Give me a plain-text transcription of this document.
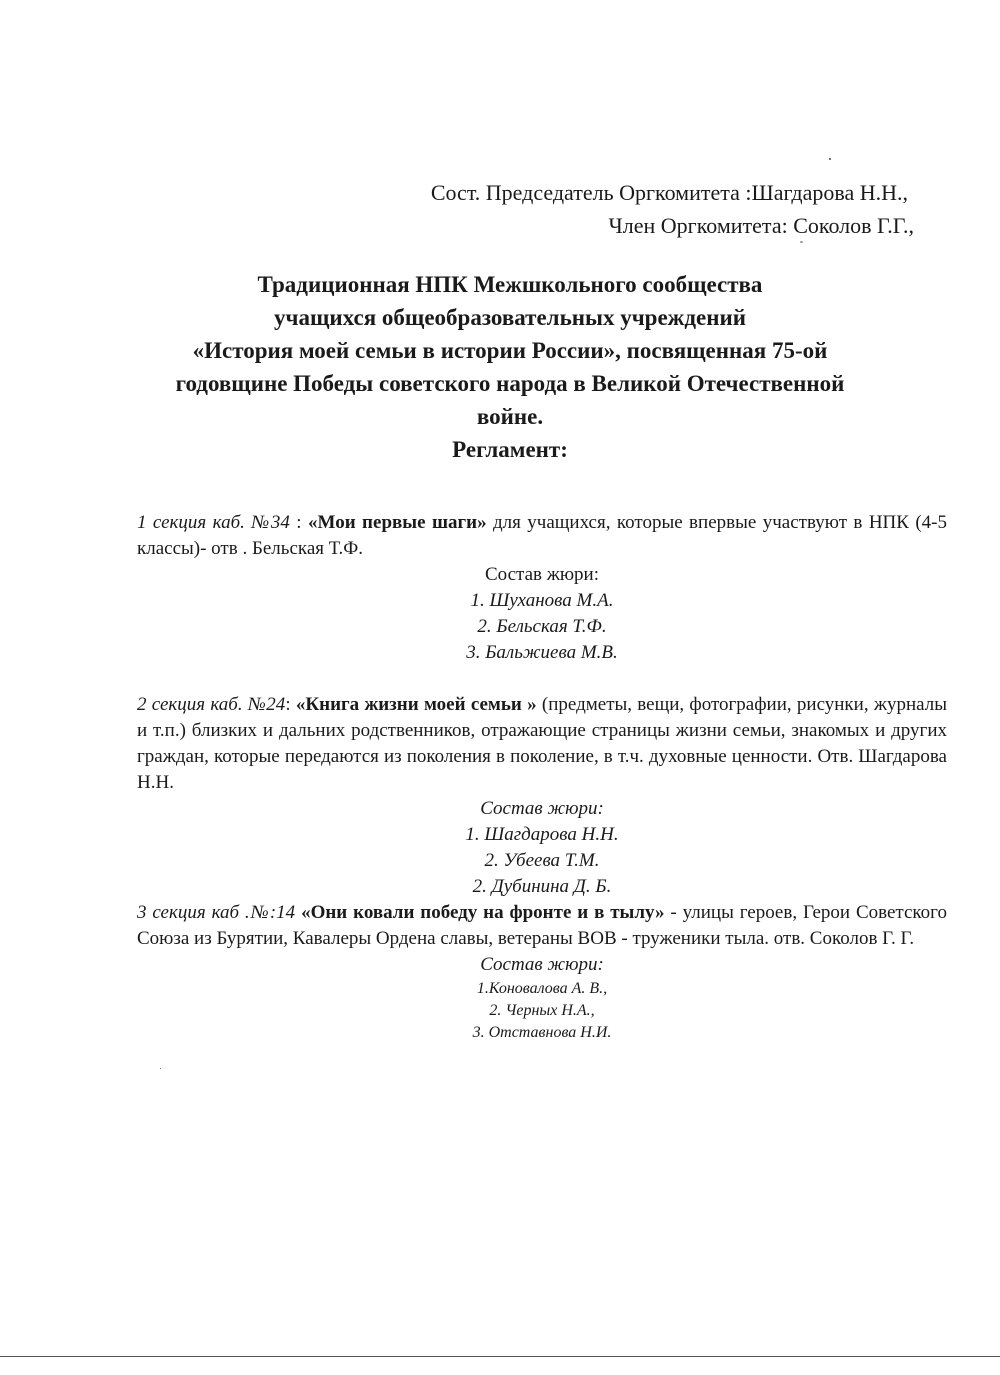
Сост. Председатель Оргкомитета :Шагдарова Н.Н.,
Член Оргкомитета: Соколов Г.Г.,
Традиционная НПК Межшкольного сообщества
учащихся общеобразовательных учреждений
«История моей семьи в истории России», посвященная 75-ой
годовщине Победы советского народа в Великой Отечественной
войне.
Регламент:
1 секция каб. №34 : «Мои первые шаги» для учащихся, которые впервые участвуют в НПК (4-5 классы)- отв . Бельская Т.Ф.
Состав жюри:
1. Шуханова М.А.
2. Бельская Т.Ф.
3. Бальжиева М.В.
2 секция каб. №24: «Книга жизни моей семьи » (предметы, вещи, фотографии, рисунки, журналы и т.п.) близких и дальних родственников, отражающие страницы жизни семьи, знакомых и других граждан, которые передаются из поколения в поколение, в т.ч. духовные ценности. Отв. Шагдарова Н.Н.
Состав жюри:
1. Шагдарова Н.Н.
2. Убеева Т.М.
2. Дубинина Д. Б.
3 секция каб .№:14 «Они ковали победу на фронте и в тылу» - улицы героев, Герои Советского Союза из Бурятии, Кавалеры Ордена славы, ветераны ВОВ - труженики тыла. отв. Соколов Г. Г.
Состав жюри:
1.Коновалова А. В.,
2. Черных Н.А.,
3. Отставнова Н.И.
